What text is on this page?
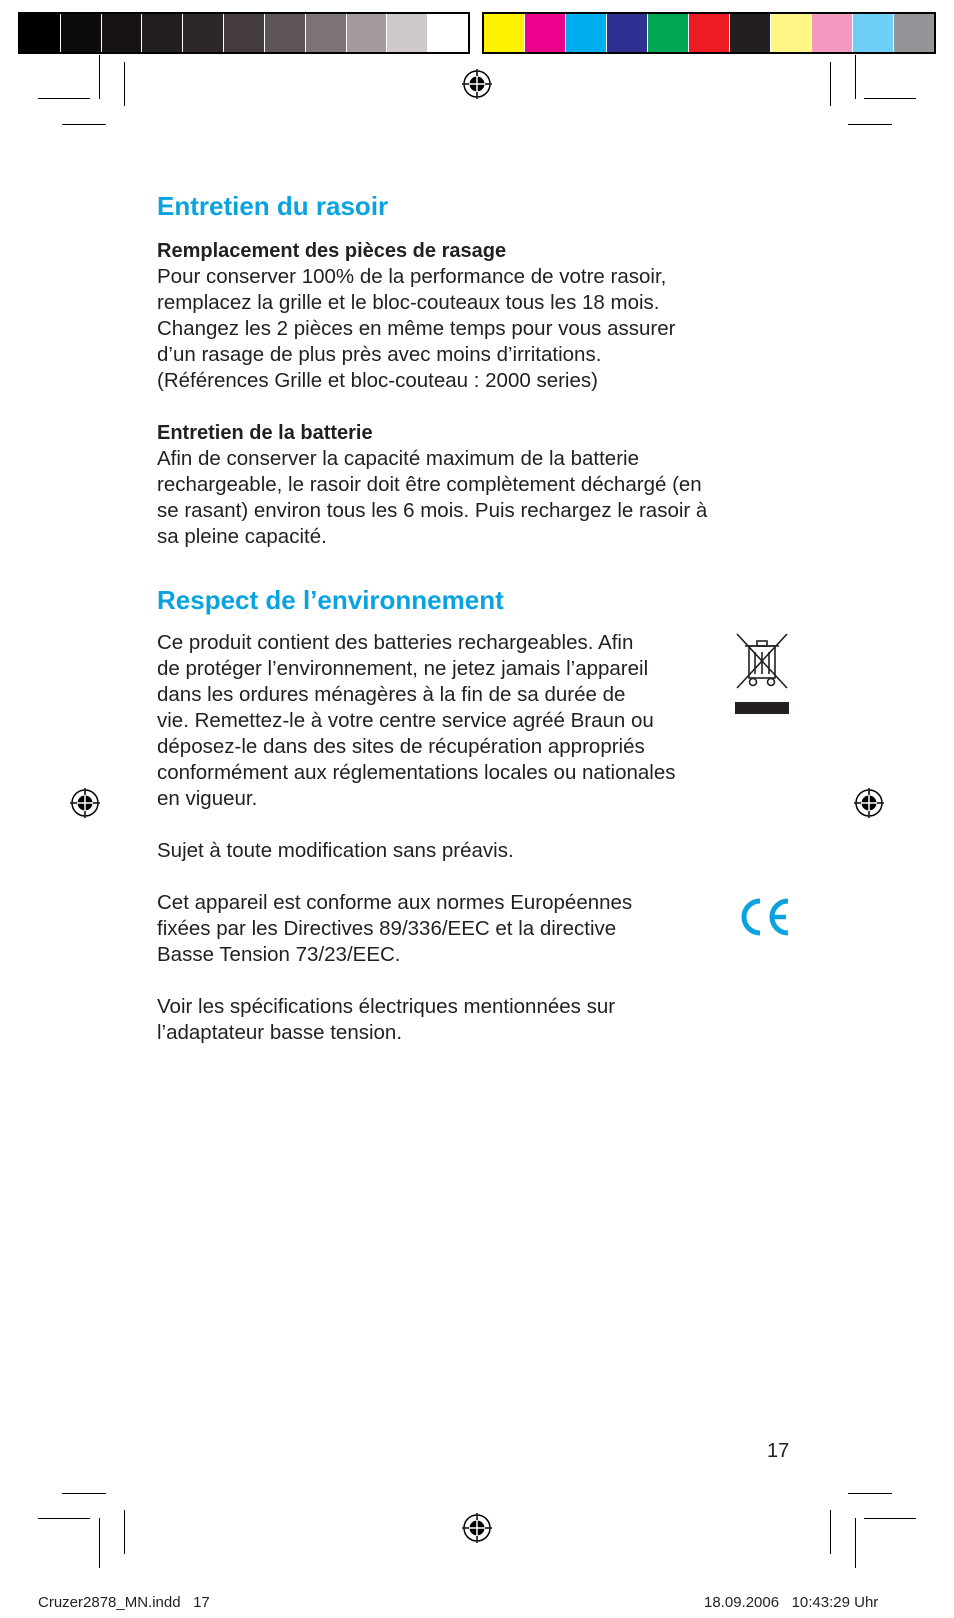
Entretien du rasoir
Remplacement des pièces de rasage

Pour conserver 100% de la performance de votre rasoir,

remplacez la grille et le bloc-couteaux tous les 18 mois.

Changez les 2 pièces en même temps pour vous assurer

d’un rasage de plus près avec moins d’irritations.

(Références Grille et bloc-couteau : 2000 series)

Entretien de la batterie

Afin de conserver la capacité maximum de la batterie

rechargeable, le rasoir doit être complètement déchargé (en

se rasant) environ tous les 6 mois. Puis rechargez le rasoir à

sa pleine capacité.

Respect de l’environnement

Ce produit contient des batteries rechargeables. Afin

de protéger l’environnement, ne jetez jamais l’appareil

dans les ordures ménagères à la fin de sa durée de

vie. Remettez-le à votre centre service agréé Braun ou

déposez-le dans des sites de récupération appropriés

conformément aux réglementations locales ou nationales

en vigueur.

Sujet à toute modification sans préavis.

Cet appareil est conforme aux normes Européennes

fixées par les Directives 89/336/EEC et la directive

Basse Tension 73/23/EEC.

Voir les spécifications électriques mentionnées sur

l’adaptateur basse tension.

17
Cruzer2878_MN.indd   17	18.09.2006   10:43:29 Uhr
